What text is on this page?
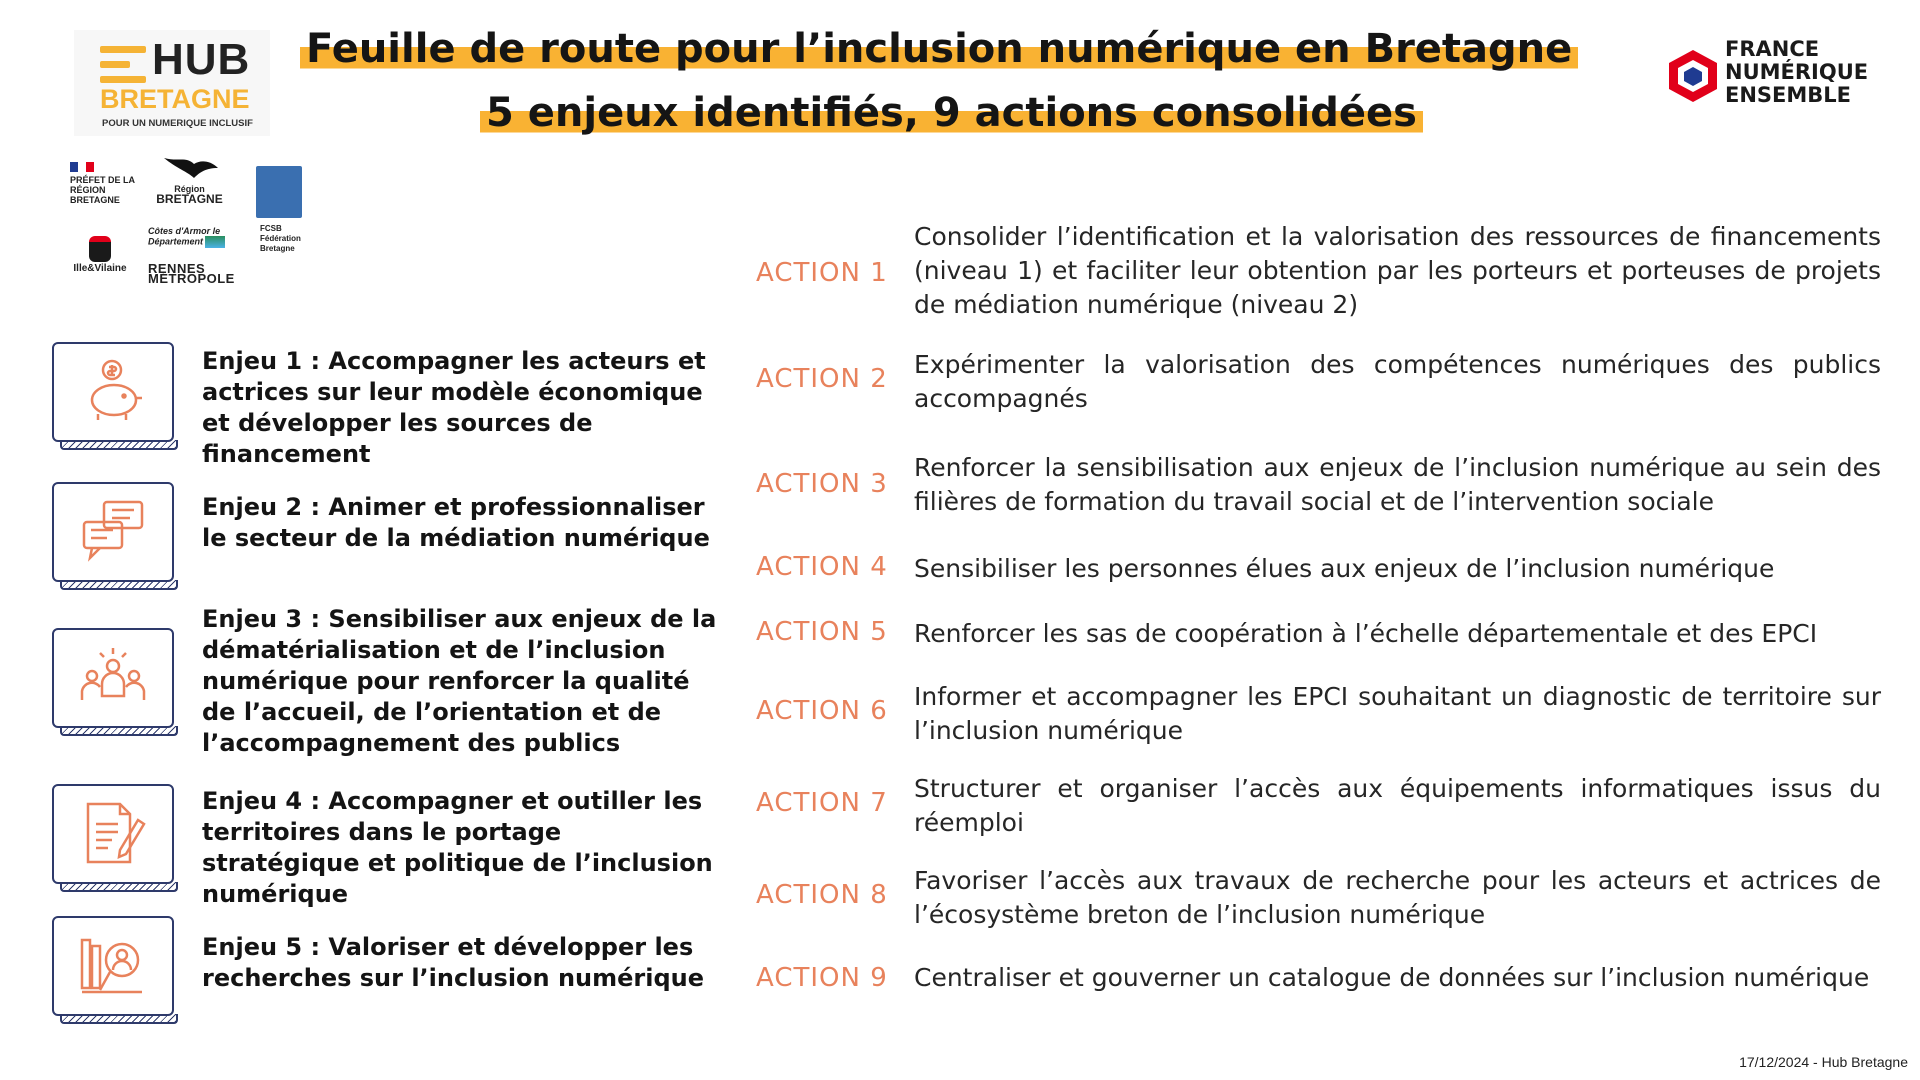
HUB
BRETAGNE
POUR UN NUMERIQUE INCLUSIF
Feuille de route pour l’inclusion numérique en Bretagne
5 enjeux identifiés, 9 actions consolidées
FRANCE
NUMÉRIQUE
ENSEMBLE
PRÉFET DE LA RÉGION BRETAGNE
Région
BRETAGNE
FCSB Fédération Bretagne
Côtes d'Armor le Département
Ille&Vilaine	RENNES MÉTROPOLE
Enjeu 1 : Accompagner les acteurs et actrices sur leur modèle économique et développer les sources de financement
Enjeu 2 : Animer et professionnaliser le secteur de la médiation numérique
Enjeu 3 : Sensibiliser aux enjeux de la dématérialisation et de l’inclusion numérique pour renforcer la qualité de l’accueil, de l’orientation et de l’accompagnement des publics
Enjeu 4 : Accompagner et outiller les territoires dans le portage stratégique et politique de l’inclusion numérique
Enjeu 5 : Valoriser et développer les recherches sur l’inclusion numérique
ACTION 1
Consolider l’identification et la valorisation des ressources de financements (niveau 1) et faciliter leur obtention par les porteurs et porteuses de projets de médiation numérique (niveau 2)
ACTION 2 Expérimenter la valorisation des compétences numériques des publics accompagnés
ACTION 3
Renforcer la sensibilisation aux enjeux de l’inclusion numérique au sein des filières de formation du travail social et de l’intervention sociale
ACTION 4 Sensibiliser les personnes élues aux enjeux de l’inclusion numérique
ACTION 5 Renforcer les sas de coopération à l’échelle départementale et des EPCI
ACTION 6 Informer et accompagner les EPCI souhaitant un diagnostic de territoire sur l’inclusion numérique
ACTION 7 Structurer et organiser l’accès aux équipements informatiques issus du réemploi
ACTION 8 Favoriser l’accès aux travaux de recherche pour les acteurs et actrices de l’écosystème breton de l’inclusion numérique
ACTION 9 Centraliser et gouverner un catalogue de données sur l’inclusion numérique
17/12/2024 - Hub Bretagne
